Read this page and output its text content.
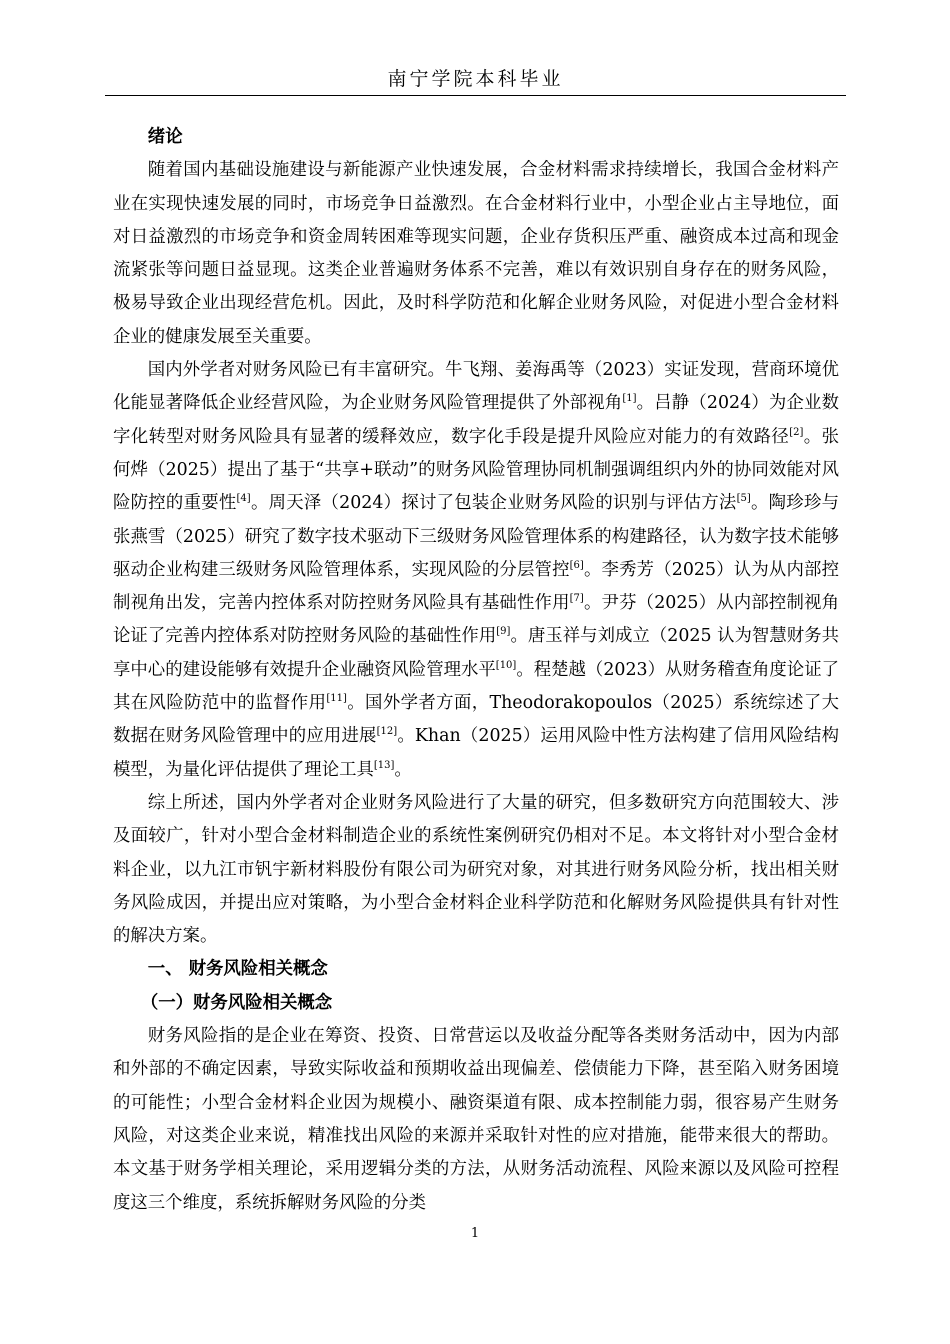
南宁学院本科毕业
绪论

随着国内基础设施建设与新能源产业快速发展，合金材料需求持续增长，我国合金材料产业在实现快速发展的同时，市场竞争日益激烈。在合金材料行业中，小型企业占主导地位，面对日益激烈的市场竞争和资金周转困难等现实问题，企业存货积压严重、融资成本过高和现金流紧张等问题日益显现。这类企业普遍财务体系不完善，难以有效识别自身存在的财务风险，极易导致企业出现经营危机。因此，及时科学防范和化解企业财务风险，对促进小型合金材料企业的健康发展至关重要。

国内外学者对财务风险已有丰富研究。牛飞翔、姜海禹等（2023）实证发现，营商环境优化能显著降低企业经营风险，为企业财务风险管理提供了外部视角[1]。吕静（2024）为企业数字化转型对财务风险具有显著的缓释效应，数字化手段是提升风险应对能力的有效路径[2]。张何烨（2025）提出了基于“共享+联动”的财务风险管理协同机制强调组织内外的协同效能对风险防控的重要性[4]。周天泽（2024）探讨了包装企业财务风险的识别与评估方法[5]。陶珍珍与张燕雪（2025）研究了数字技术驱动下三级财务风险管理体系的构建路径，认为数字技术能够驱动企业构建三级财务风险管理体系，实现风险的分层管控[6]。李秀芳（2025）认为从内部控制视角出发，完善内控体系对防控财务风险具有基础性作用[7]。尹芬（2025）从内部控制视角论证了完善内控体系对防控财务风险的基础性作用[9]。唐玉祥与刘成立（2025 认为智慧财务共享中心的建设能够有效提升企业融资风险管理水平[10]。程楚越（2023）从财务稽查角度论证了其在风险防范中的监督作用[11]。国外学者方面，Theodorakopoulos（2025）系统综述了大数据在财务风险管理中的应用进展[12]。Khan（2025）运用风险中性方法构建了信用风险结构模型，为量化评估提供了理论工具[13]。

综上所述，国内外学者对企业财务风险进行了大量的研究，但多数研究方向范围较大、涉及面较广，针对小型合金材料制造企业的系统性案例研究仍相对不足。本文将针对小型合金材料企业，以九江市钒宇新材料股份有限公司为研究对象，对其进行财务风险分析，找出相关财务风险成因，并提出应对策略，为小型合金材料企业科学防范和化解财务风险提供具有针对性的解决方案。

一、 财务风险相关概念
（一）财务风险相关概念

财务风险指的是企业在筹资、投资、日常营运以及收益分配等各类财务活动中，因为内部和外部的不确定因素，导致实际收益和预期收益出现偏差、偿债能力下降，甚至陷入财务困境的可能性；小型合金材料企业因为规模小、融资渠道有限、成本控制能力弱，很容易产生财务风险，对这类企业来说，精准找出风险的来源并采取针对性的应对措施，能带来很大的帮助。本文基于财务学相关理论，采用逻辑分类的方法，从财务活动流程、风险来源以及风险可控程度这三个维度，系统拆解财务风险的分类

1
